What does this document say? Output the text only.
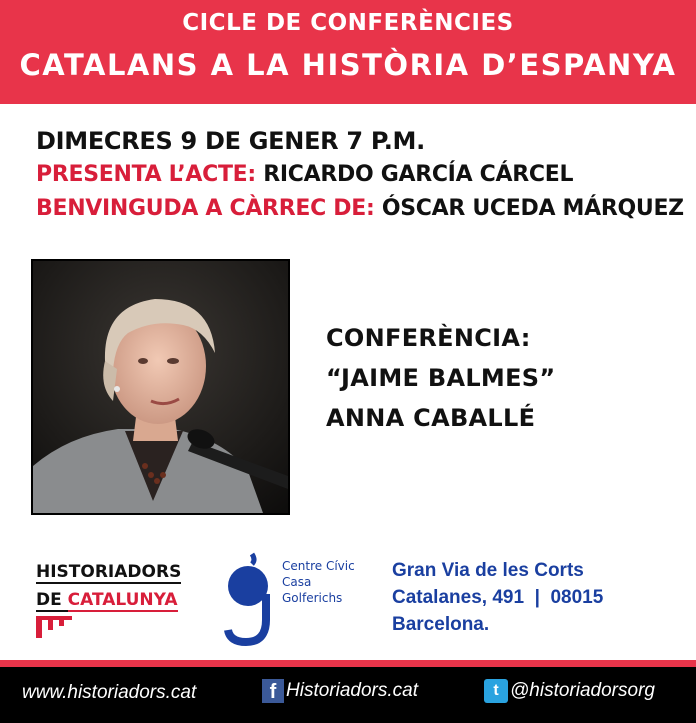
CICLE DE CONFERÈNCIES
CATALANS A LA HISTÒRIA D’ESPANYA
DIMECRES 9 DE GENER 7 P.M.
PRESENTA L’ACTE: RICARDO GARCÍA CÁRCEL
BENVINGUDA A CÀRREC DE: ÓSCAR UCEDA MÁRQUEZ
CONFERÈNCIA:
“JAIME BALMES”
ANNA CABALLÉ
HISTORIADORS
DE CATALUNYA
Centre Cívic
Casa
Golferichs
Gran Via de les Corts
Catalanes, 491  |  08015
Barcelona.
www.historiadors.cat	f Historiadors.cat	t @historiadorsorg
